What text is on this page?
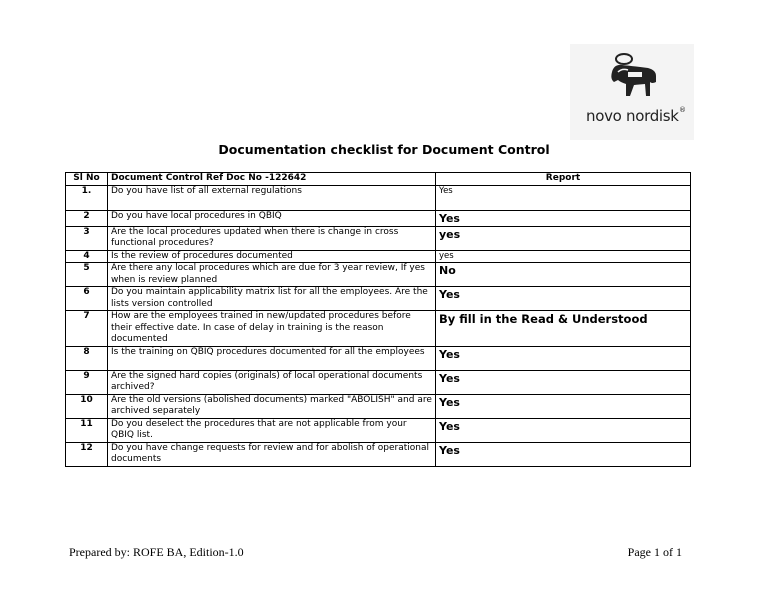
novo nordisk ®
Documentation checklist for Document Control
Sl No	Document Control Ref Doc No -122642	Report
1.	Do you have list of all external regulations	Yes
2	Do you have local procedures in QBIQ	Yes
3	Are the local procedures updated when there is change in cross functional procedures?	yes
4	Is the review of procedures documented	yes
5	Are there any local procedures which are due for 3 year review, If yes when is review planned	No
6	Do you maintain applicability matrix list for all the employees. Are the lists version controlled	Yes
7	How are the employees trained in new/updated procedures before their effective date. In case of delay in training is the reason documented	By fill in the Read & Understood
8	Is the training on QBIQ procedures documented for all the employees	Yes
9	Are the signed hard copies (originals) of local operational documents archived?	Yes
10	Are the old versions (abolished documents) marked "ABOLISH" and are archived separately	Yes
11	Do you deselect the procedures that are not applicable from your QBIQ list.	Yes
12	Do you have change requests for review and for abolish of operational documents	Yes
Prepared by: ROFE BA, Edition-1.0	Page 1 of 1
